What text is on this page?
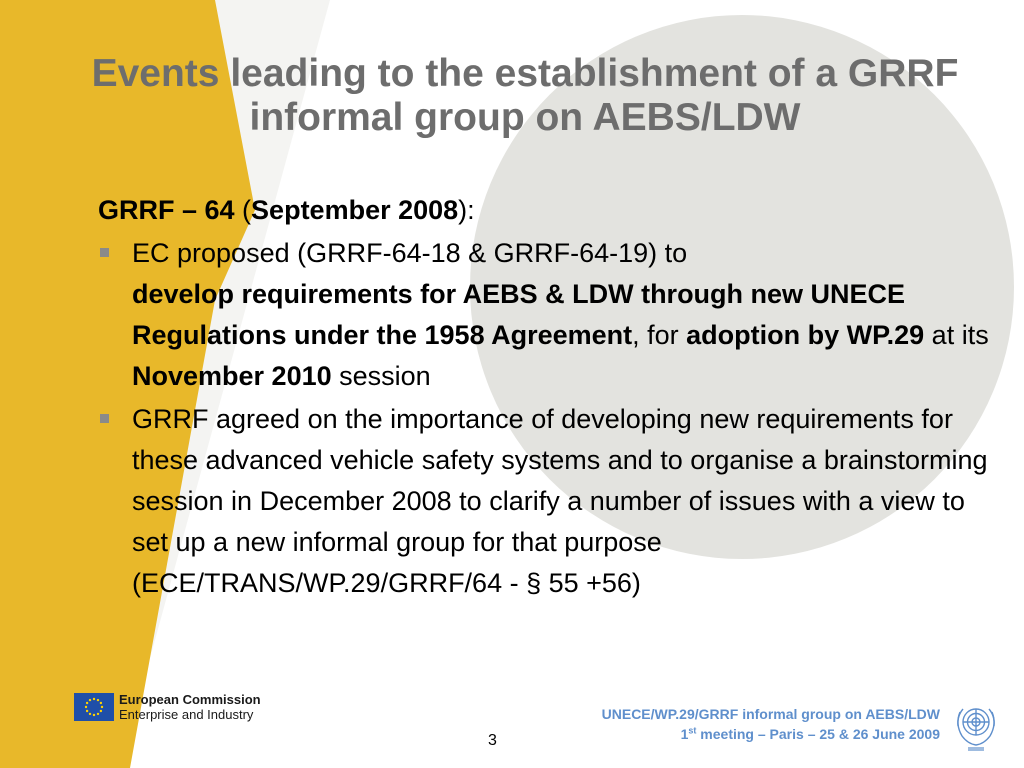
Events leading to the establishment of a GRRF informal group on AEBS/LDW

GRRF – 64 (September 2008):

EC proposed (GRRF-64-18 & GRRF-64-19) to
develop requirements for AEBS & LDW through new UNECE Regulations under the 1958 Agreement, for adoption by WP.29 at its November 2010 session
GRRF agreed on the importance of developing new requirements for these advanced vehicle safety systems and to organise a brainstorming session in December 2008 to clarify a number of issues with a view to set up a new informal group for that purpose (ECE/TRANS/WP.29/GRRF/64 - § 55 +56)
European Commission
Enterprise and Industry	UNECE/WP.29/GRRF informal group on AEBS/LDW
1st meeting – Paris – 25 & 26 June 2009
3
